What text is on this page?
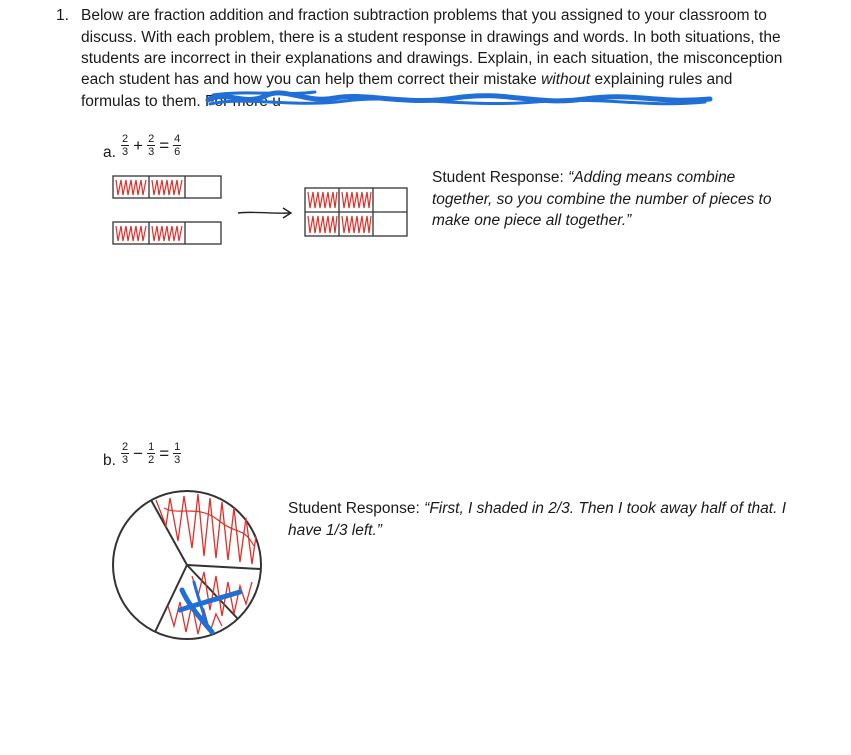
1. Below are fraction addition and fraction subtraction problems that you assigned to your classroom to
discuss. With each problem, there is a student response in drawings and words. In both situations, the
students are incorrect in their explanations and drawings. Explain, in each situation, the misconception
each student has and how you can help them correct their mistake without explaining rules and
formulas to them. For more u
a. $\frac{2}{3} + \frac{2}{3} = \frac{4}{6}$
Student Response: “Adding means combine
together, so you combine the number of pieces to
make one piece all together.”
b. $\frac{2}{3} - \frac{1}{2} = \frac{1}{3}$
Student Response: “First, I shaded in 2/3. Then I took away half of that. I
have 1/3 left.”
